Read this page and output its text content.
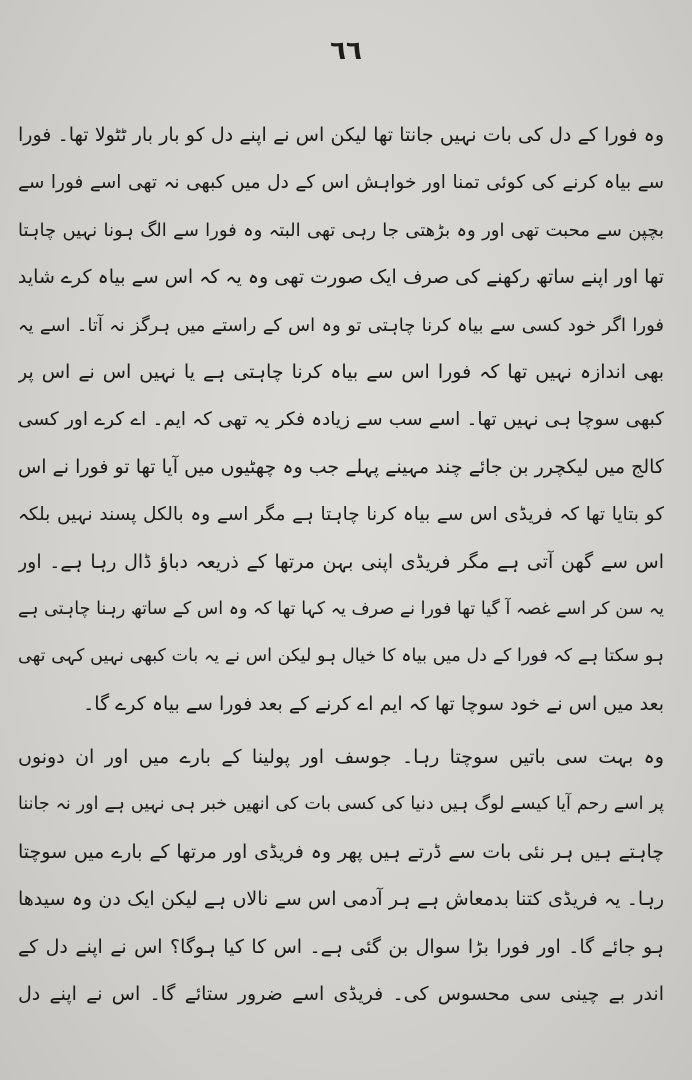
٦٦
وہ فورا کے دل کی بات نہیں جانتا تھا لیکن اس نے اپنے دل کو بار بار ٹٹولا تھا۔ فورا
سے بیاہ کرنے کی کوئی تمنا اور خواہش اس کے دل میں کبھی نہ تھی اسے فورا سے
بچپن سے محبت تھی اور وہ بڑھتی جا رہی تھی البتہ وہ فورا سے الگ ہونا نہیں چاہتا
تھا اور اپنے ساتھ رکھنے کی صرف ایک صورت تھی وہ یہ کہ اس سے بیاہ کرے شاید
فورا اگر خود کسی سے بیاہ کرنا چاہتی تو وہ اس کے راستے میں ہرگز نہ آتا۔ اسے یہ
بھی اندازہ نہیں تھا کہ فورا اس سے بیاہ کرنا چاہتی ہے یا نہیں اس نے اس پر
کبھی سوچا ہی نہیں تھا۔ اسے سب سے زیادہ فکر یہ تھی کہ ایم۔ اے کرے اور کسی
کالج میں لیکچرر بن جائے چند مہینے پہلے جب وہ چھٹیوں میں آیا تھا تو فورا نے اس
کو بتایا تھا کہ فریڈی اس سے بیاہ کرنا چاہتا ہے مگر اسے وہ بالکل پسند نہیں بلکہ
اس سے گھن آتی ہے مگر فریڈی اپنی بہن مرتھا کے ذریعہ دباؤ ڈال رہا ہے۔ اور
یہ سن کر اسے غصہ آ گیا تھا فورا نے صرف یہ کہا تھا کہ وہ اس کے ساتھ رہنا چاہتی ہے
ہو سکتا ہے کہ فورا کے دل میں بیاہ کا خیال ہو لیکن اس نے یہ بات کبھی نہیں کہی تھی
بعد میں اس نے خود سوچا تھا کہ ایم اے کرنے کے بعد فورا سے بیاہ کرے گا۔
وہ بہت سی باتیں سوچتا رہا۔ جوسف اور پولینا کے بارے میں اور ان دونوں
پر اسے رحم آیا کیسے لوگ ہیں دنیا کی کسی بات کی انھیں خبر ہی نہیں ہے اور نہ جاننا
چاہتے ہیں ہر نئی بات سے ڈرتے ہیں پھر وہ فریڈی اور مرتھا کے بارے میں سوچتا
رہا۔ یہ فریڈی کتنا بدمعاش ہے ہر آدمی اس سے نالاں ہے لیکن ایک دن وہ سیدھا
ہو جائے گا۔ اور فورا بڑا سوال بن گئی ہے۔ اس کا کیا ہوگا؟ اس نے اپنے دل کے
اندر بے چینی سی محسوس کی۔ فریڈی اسے ضرور ستائے گا۔ اس نے اپنے دل
